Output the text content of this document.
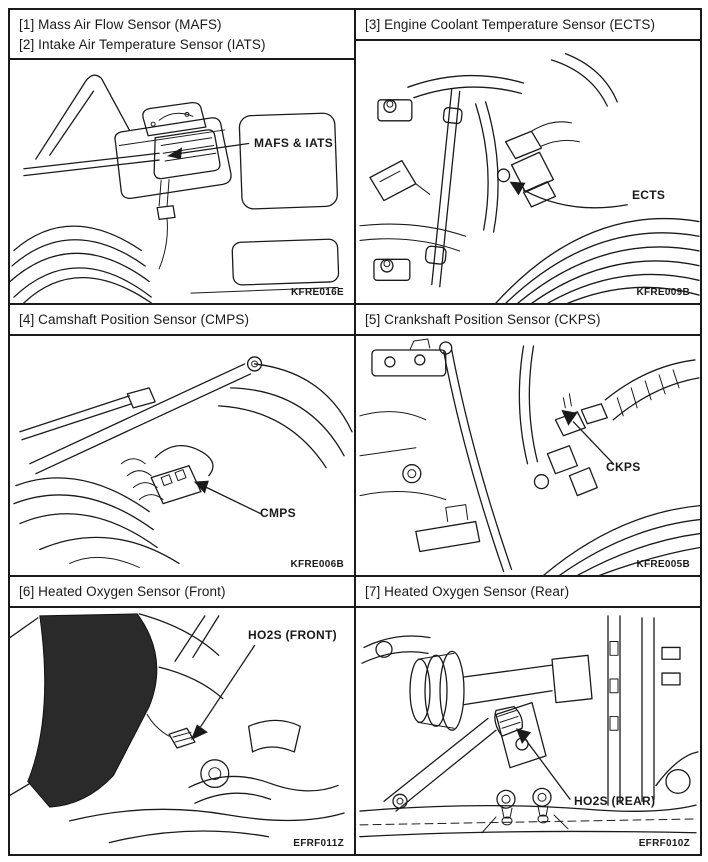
[1] Mass Air Flow Sensor (MAFS)
[2] Intake Air Temperature Sensor (IATS)
MAFS & IATS
KFRE016E
[3] Engine Coolant Temperature Sensor (ECTS)
ECTS
KFRE009B
[4] Camshaft Position Sensor (CMPS)
CMPS
KFRE006B
[5] Crankshaft Position Sensor (CKPS)
CKPS
KFRE005B
[6] Heated Oxygen Sensor (Front)
HO2S (FRONT)
EFRF011Z
[7] Heated Oxygen Sensor (Rear)
HO2S (REAR)
EFRF010Z
